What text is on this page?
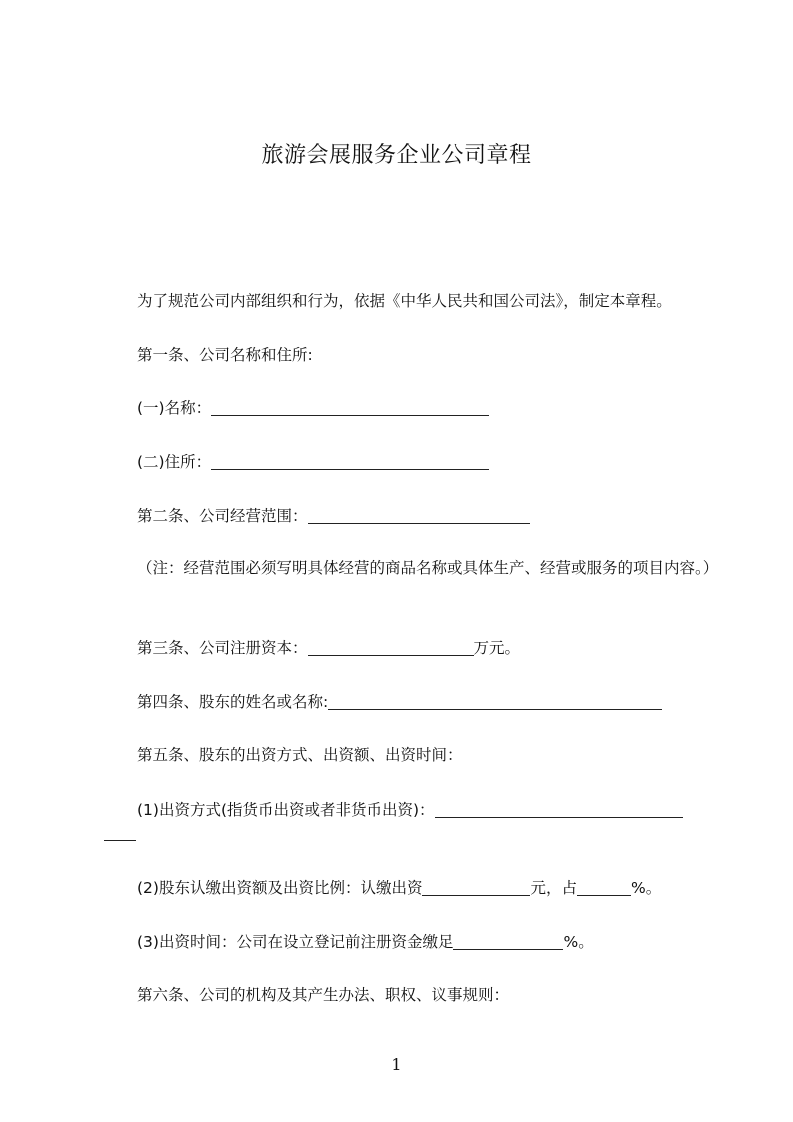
旅游会展服务企业公司章程
为了规范公司内部组织和行为，依据《中华人民共和国公司法》，制定本章程。
第一条、公司名称和住所:
(一)名称：
(二)住所：
第二条、公司经营范围：
（注：经营范围必须写明具体经营的商品名称或具体生产、经营或服务的项目内容。）
第三条、公司注册资本：	万元。
第四条、股东的姓名或名称:
第五条、股东的出资方式、出资额、出资时间：
(1)出资方式(指货币出资或者非货币出资)：
(2)股东认缴出资额及出资比例：认缴出资	元，占	%。
(3)出资时间：公司在设立登记前注册资金缴足	%。
第六条、公司的机构及其产生办法、职权、议事规则：
1
